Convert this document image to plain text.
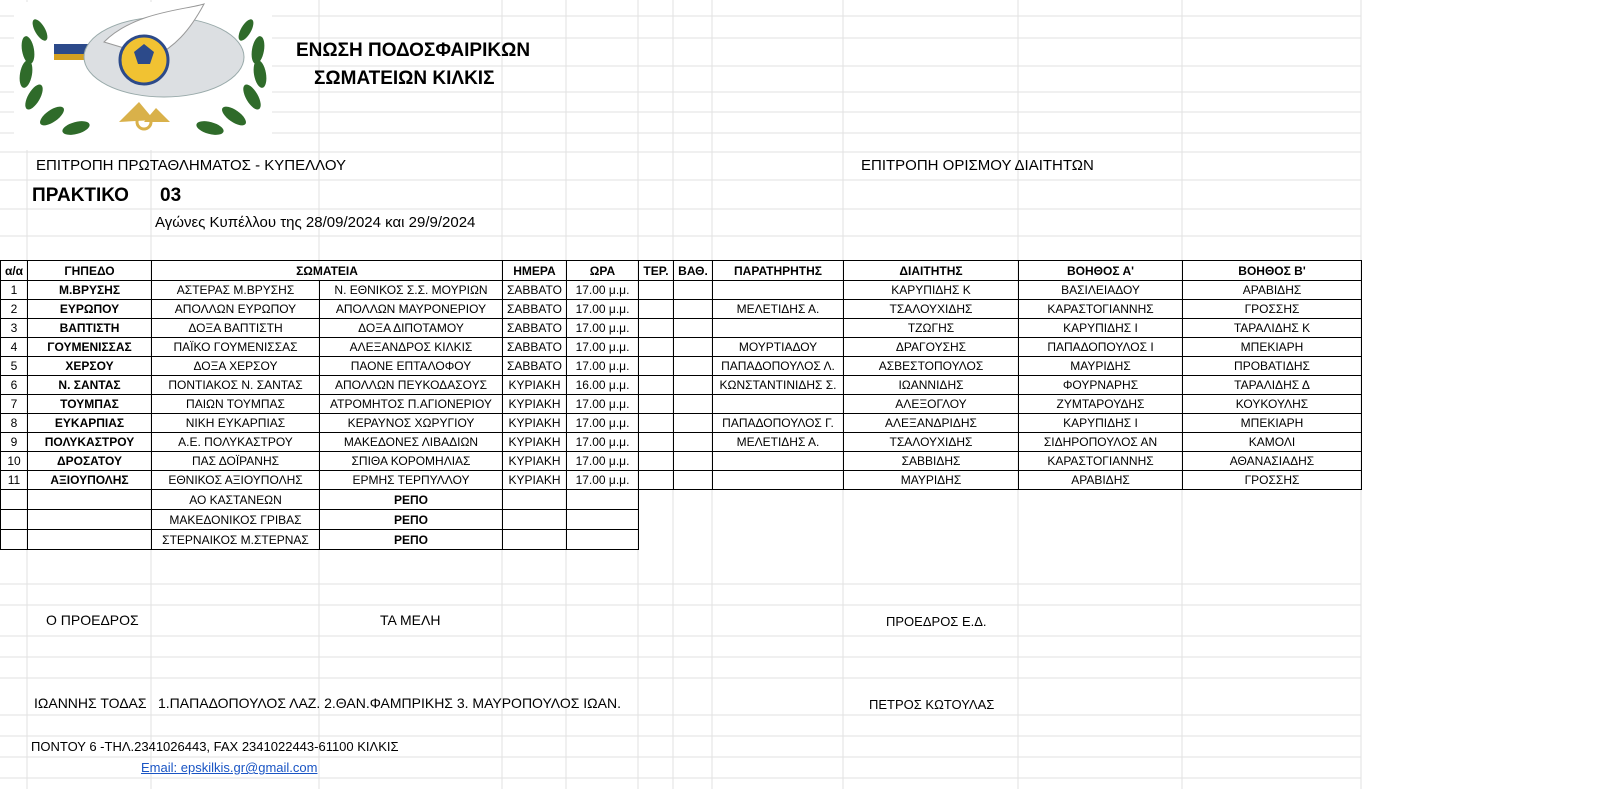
ΕΝΩΣΗ ΠΟΔΟΣΦΑΙΡΙΚΩΝ
ΣΩΜΑΤΕΙΩΝ ΚΙΛΚΙΣ
ΕΠΙΤΡΟΠΗ ΠΡΩΤΑΘΛΗΜΑΤΟΣ - ΚΥΠΕΛΛΟΥ	ΕΠΙΤΡΟΠΗ ΟΡΙΣΜΟΥ ΔΙΑΙΤΗΤΩΝ
ΠΡΑΚΤΙΚΟ 03
Αγώνες Κυπέλλου της 28/09/2024 και 29/9/2024
α/α	ΓΗΠΕΔΟ	ΣΩΜΑΤΕΙΑ		ΗΜΕΡΑ	ΩΡΑ	ΤΕΡ.	ΒΑΘ.	ΠΑΡΑΤΗΡΗΤΗΣ	ΔΙΑΙΤΗΤΗΣ	ΒΟΗΘΟΣ Α'	ΒΟΗΘΟΣ Β'
1	Μ.ΒΡΥΣΗΣ	ΑΣΤΕΡΑΣ Μ.ΒΡΥΣΗΣ	Ν. ΕΘΝΙΚΟΣ Σ.Σ. ΜΟΥΡΙΩΝ	ΣΑΒΒΑΤΟ	17.00 μ.μ.				ΚΑΡΥΠΙΔΗΣ Κ	ΒΑΣΙΛΕΙΑΔΟΥ	ΑΡΑΒΙΔΗΣ
2	ΕΥΡΩΠΟΥ	ΑΠΟΛΛΩΝ ΕΥΡΩΠΟΥ	ΑΠΟΛΛΩΝ ΜΑΥΡΟΝΕΡΙΟΥ	ΣΑΒΒΑΤΟ	17.00 μ.μ.			ΜΕΛΕΤΙΔΗΣ Α.	ΤΣΑΛΟΥΧΙΔΗΣ	ΚΑΡΑΣΤΟΓΙΑΝΝΗΣ	ΓΡΟΣΣΗΣ
3	ΒΑΠΤΙΣΤΗ	ΔΟΞΑ ΒΑΠΤΙΣΤΗ	ΔΟΞΑ ΔΙΠΟΤΑΜΟΥ	ΣΑΒΒΑΤΟ	17.00 μ.μ.				ΤΖΩΓΗΣ	ΚΑΡΥΠΙΔΗΣ Ι	ΤΑΡΑΛΙΔΗΣ Κ
4	ΓΟΥΜΕΝΙΣΣΑΣ	ΠΑΪΚΟ ΓΟΥΜΕΝΙΣΣΑΣ	ΑΛΕΞΑΝΔΡΟΣ ΚΙΛΚΙΣ	ΣΑΒΒΑΤΟ	17.00 μ.μ.			ΜΟΥΡΤΙΑΔΟΥ	ΔΡΑΓΟΥΣΗΣ	ΠΑΠΑΔΟΠΟΥΛΟΣ Ι	ΜΠΕΚΙΑΡΗ
5	ΧΕΡΣΟΥ	ΔΟΞΑ ΧΕΡΣΟΥ	ΠΑΟΝΕ ΕΠΤΑΛΟΦΟΥ	ΣΑΒΒΑΤΟ	17.00 μ.μ.			ΠΑΠΑΔΟΠΟΥΛΟΣ Λ.	ΑΣΒΕΣΤΟΠΟΥΛΟΣ	ΜΑΥΡΙΔΗΣ	ΠΡΟΒΑΤΙΔΗΣ
6	Ν. ΣΑΝΤΑΣ	ΠΟΝΤΙΑΚΟΣ Ν. ΣΑΝΤΑΣ	ΑΠΟΛΛΩΝ ΠΕΥΚΟΔΑΣΟΥΣ	ΚΥΡΙΑΚΗ	16.00 μ.μ.			ΚΩΝΣΤΑΝΤΙΝΙΔΗΣ Σ.	ΙΩΑΝΝΙΔΗΣ	ΦΟΥΡΝΑΡΗΣ	ΤΑΡΑΛΙΔΗΣ Δ
7	ΤΟΥΜΠΑΣ	ΠΑΙΩΝ ΤΟΥΜΠΑΣ	ΑΤΡΟΜΗΤΟΣ Π.ΑΓΙΟΝΕΡΙΟΥ	ΚΥΡΙΑΚΗ	17.00 μ.μ.				ΑΛΕΞΟΓΛΟΥ	ΖΥΜΤΑΡΟΥΔΗΣ	ΚΟΥΚΟΥΛΗΣ
8	ΕΥΚΑΡΠΙΑΣ	ΝΙΚΗ ΕΥΚΑΡΠΙΑΣ	ΚΕΡΑΥΝΟΣ ΧΩΡΥΓΙΟΥ	ΚΥΡΙΑΚΗ	17.00 μ.μ.			ΠΑΠΑΔΟΠΟΥΛΟΣ Γ.	ΑΛΕΞΑΝΔΡΙΔΗΣ	ΚΑΡΥΠΙΔΗΣ Ι	ΜΠΕΚΙΑΡΗ
9	ΠΟΛΥΚΑΣΤΡΟΥ	Α.Ε. ΠΟΛΥΚΑΣΤΡΟΥ	ΜΑΚΕΔΟΝΕΣ ΛΙΒΑΔΙΩΝ	ΚΥΡΙΑΚΗ	17.00 μ.μ.			ΜΕΛΕΤΙΔΗΣ Α.	ΤΣΑΛΟΥΧΙΔΗΣ	ΣΙΔΗΡΟΠΟΥΛΟΣ ΑΝ	ΚΑΜΟΛΙ
10	ΔΡΟΣΑΤΟΥ	ΠΑΣ ΔΟΪΡΑΝΗΣ	ΣΠΙΘΑ ΚΟΡΟΜΗΛΙΑΣ	ΚΥΡΙΑΚΗ	17.00 μ.μ.				ΣΑΒΒΙΔΗΣ	ΚΑΡΑΣΤΟΓΙΑΝΝΗΣ	ΑΘΑΝΑΣΙΑΔΗΣ
11	ΑΞΙΟΥΠΟΛΗΣ	ΕΘΝΙΚΟΣ ΑΞΙΟΥΠΟΛΗΣ	ΕΡΜΗΣ ΤΕΡΠΥΛΛΟΥ	ΚΥΡΙΑΚΗ	17.00 μ.μ.				ΜΑΥΡΙΔΗΣ	ΑΡΑΒΙΔΗΣ	ΓΡΟΣΣΗΣ
		ΑΟ ΚΑΣΤΑΝΕΩΝ	ΡΕΠΟ								
		ΜΑΚΕΔΟΝΙΚΟΣ ΓΡΙΒΑΣ	ΡΕΠΟ								
		ΣΤΕΡΝΑΙΚΟΣ Μ.ΣΤΕΡΝΑΣ	ΡΕΠΟ								
Ο ΠΡΟΕΔΡΟΣ	ΤΑ ΜΕΛΗ	ΠΡΟΕΔΡΟΣ Ε.Δ.
ΙΩΑΝΝΗΣ ΤΟΔΑΣ 1.ΠΑΠΑΔΟΠΟΥΛΟΣ ΛΑΖ. 2.ΘΑΝ.ΦΑΜΠΡΙΚΗΣ 3. ΜΑΥΡΟΠΟΥΛΟΣ ΙΩΑΝ.	ΠΕΤΡΟΣ ΚΩΤΟΥΛΑΣ
ΠΟΝΤΟΥ 6 -ΤΗΛ.2341026443, FAX 2341022443-61100 ΚΙΛΚΙΣ
Email: epskilkis.gr@gmail.com
